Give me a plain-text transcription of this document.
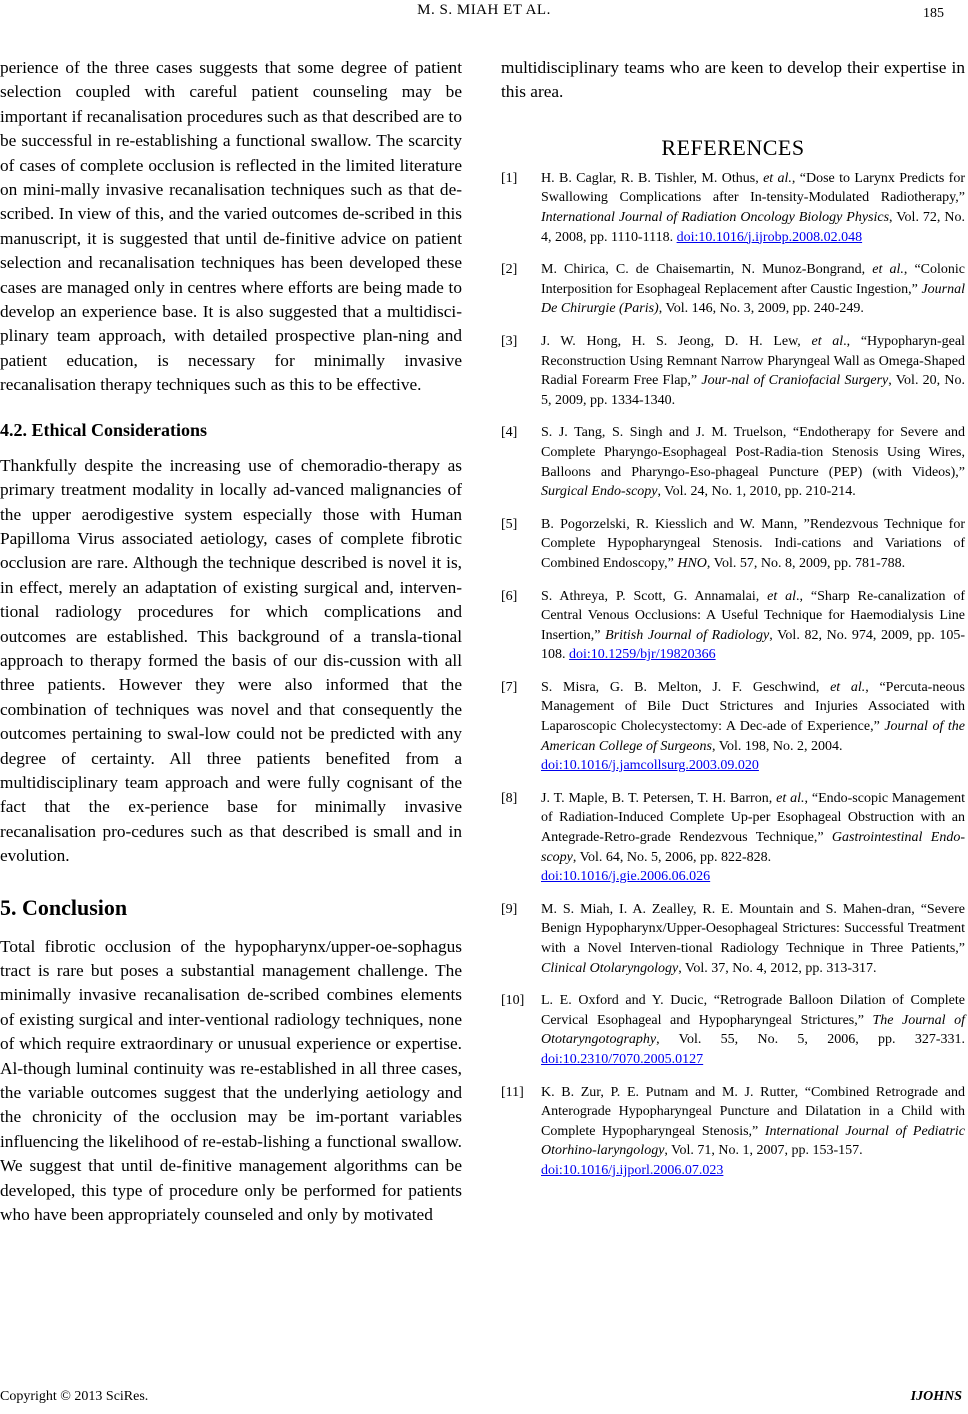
M. S. MIAH ET AL.	185

perience of the three cases suggests that some degree of patient selection coupled with careful patient counseling may be important if recanalisation procedures such as that described are to be successful in re-establishing a functional swallow. The scarcity of cases of complete occlusion is reflected in the limited literature on mini-mally invasive recanalisation techniques such as that de-scribed. In view of this, and the varied outcomes de-scribed in this manuscript, it is suggested that until de-finitive advice on patient selection and recanalisation techniques has been developed these cases are managed only in centres where efforts are being made to develop an experience base. It is also suggested that a multidisci-plinary team approach, with detailed prospective plan-ning and patient education, is necessary for minimally invasive recanalisation therapy techniques such as this to be effective.

4.2. Ethical Considerations

Thankfully despite the increasing use of chemoradio-therapy as primary treatment modality in locally ad-vanced malignancies of the upper aerodigestive system especially those with Human Papilloma Virus associated aetiology, cases of complete fibrotic occlusion are rare. Although the technique described is novel it is, in effect, merely an adaptation of existing surgical and, interven-tional radiology procedures for which complications and outcomes are established. This background of a transla-tional approach to therapy formed the basis of our dis-cussion with all three patients. However they were also informed that the combination of techniques was novel and that consequently the outcomes pertaining to swal-low could not be predicted with any degree of certainty. All three patients benefited from a multidisciplinary team approach and were fully cognisant of the fact that the ex-perience base for minimally invasive recanalisation pro-cedures such as that described is small and in evolution.

5. Conclusion

Total fibrotic occlusion of the hypopharynx/upper-oe-sophagus tract is rare but poses a substantial management challenge. The minimally invasive recanalisation de-scribed combines elements of existing surgical and inter-ventional radiology techniques, none of which require extraordinary or unusual experience or expertise. Al-though luminal continuity was re-established in all three cases, the variable outcomes suggest that the underlying aetiology and the chronicity of the occlusion may be im-portant variables influencing the likelihood of re-estab-lishing a functional swallow. We suggest that until de-finitive management algorithms can be developed, this type of procedure only be performed for patients who have been appropriately counseled and only by motivated

multidisciplinary teams who are keen to develop their expertise in this area.

REFERENCES
[1] H. B. Caglar, R. B. Tishler, M. Othus, et al., “Dose to Larynx Predicts for Swallowing Complications after In-tensity-Modulated Radiotherapy,” International Journal of Radiation Oncology Biology Physics, Vol. 72, No. 4, 2008, pp. 1110-1118. doi:10.1016/j.ijrobp.2008.02.048
[2] M. Chirica, C. de Chaisemartin, N. Munoz-Bongrand, et al., “Colonic Interposition for Esophageal Replacement after Caustic Ingestion,” Journal De Chirurgie (Paris), Vol. 146, No. 3, 2009, pp. 240-249.
[3] J. W. Hong, H. S. Jeong, D. H. Lew, et al., “Hypopharyn-geal Reconstruction Using Remnant Narrow Pharyngeal Wall as Omega-Shaped Radial Forearm Free Flap,” Jour-nal of Craniofacial Surgery, Vol. 20, No. 5, 2009, pp. 1334-1340.
[4] S. J. Tang, S. Singh and J. M. Truelson, “Endotherapy for Severe and Complete Pharyngo-Esophageal Post-Radia-tion Stenosis Using Wires, Balloons and Pharyngo-Eso-phageal Puncture (PEP) (with Videos),” Surgical Endo-scopy, Vol. 24, No. 1, 2010, pp. 210-214.
[5] B. Pogorzelski, R. Kiesslich and W. Mann, ”Rendezvous Technique for Complete Hypopharyngeal Stenosis. Indi-cations and Variations of Combined Endoscopy,” HNO, Vol. 57, No. 8, 2009, pp. 781-788.
[6] S. Athreya, P. Scott, G. Annamalai, et al., “Sharp Re-canalization of Central Venous Occlusions: A Useful Technique for Haemodialysis Line Insertion,” British Journal of Radiology, Vol. 82, No. 974, 2009, pp. 105-108. doi:10.1259/bjr/19820366
[7] S. Misra, G. B. Melton, J. F. Geschwind, et al., “Percuta-neous Management of Bile Duct Strictures and Injuries Associated with Laparoscopic Cholecystectomy: A Dec-ade of Experience,” Journal of the American College of Surgeons, Vol. 198, No. 2, 2004.
doi:10.1016/j.jamcollsurg.2003.09.020
[8] J. T. Maple, B. T. Petersen, T. H. Barron, et al., “Endo-scopic Management of Radiation-Induced Complete Up-per Esophageal Obstruction with an Antegrade-Retro-grade Rendezvous Technique,” Gastrointestinal Endo-scopy, Vol. 64, No. 5, 2006, pp. 822-828.
doi:10.1016/j.gie.2006.06.026
[9] M. S. Miah, I. A. Zealley, R. E. Mountain and S. Mahen-dran, “Severe Benign Hypopharynx/Upper-Oesophageal Strictures: Successful Treatment with a Novel Interven-tional Radiology Technique in Three Patients,” Clinical Otolaryngology, Vol. 37, No. 4, 2012, pp. 313-317.
[10] L. E. Oxford and Y. Ducic, “Retrograde Balloon Dilation of Complete Cervical Esophageal and Hypopharyngeal Strictures,” The Journal of Ototaryngotography, Vol. 55, No. 5, 2006, pp. 327-331. doi:10.2310/7070.2005.0127
[11] K. B. Zur, P. E. Putnam and M. J. Rutter, “Combined Retrograde and Anterograde Hypopharyngeal Puncture and Dilatation in a Child with Complete Hypopharyngeal Stenosis,” International Journal of Pediatric Otorhino-laryngology, Vol. 71, No. 1, 2007, pp. 153-157.
doi:10.1016/j.ijporl.2006.07.023
Copyright © 2013 SciRes.	IJOHNS
